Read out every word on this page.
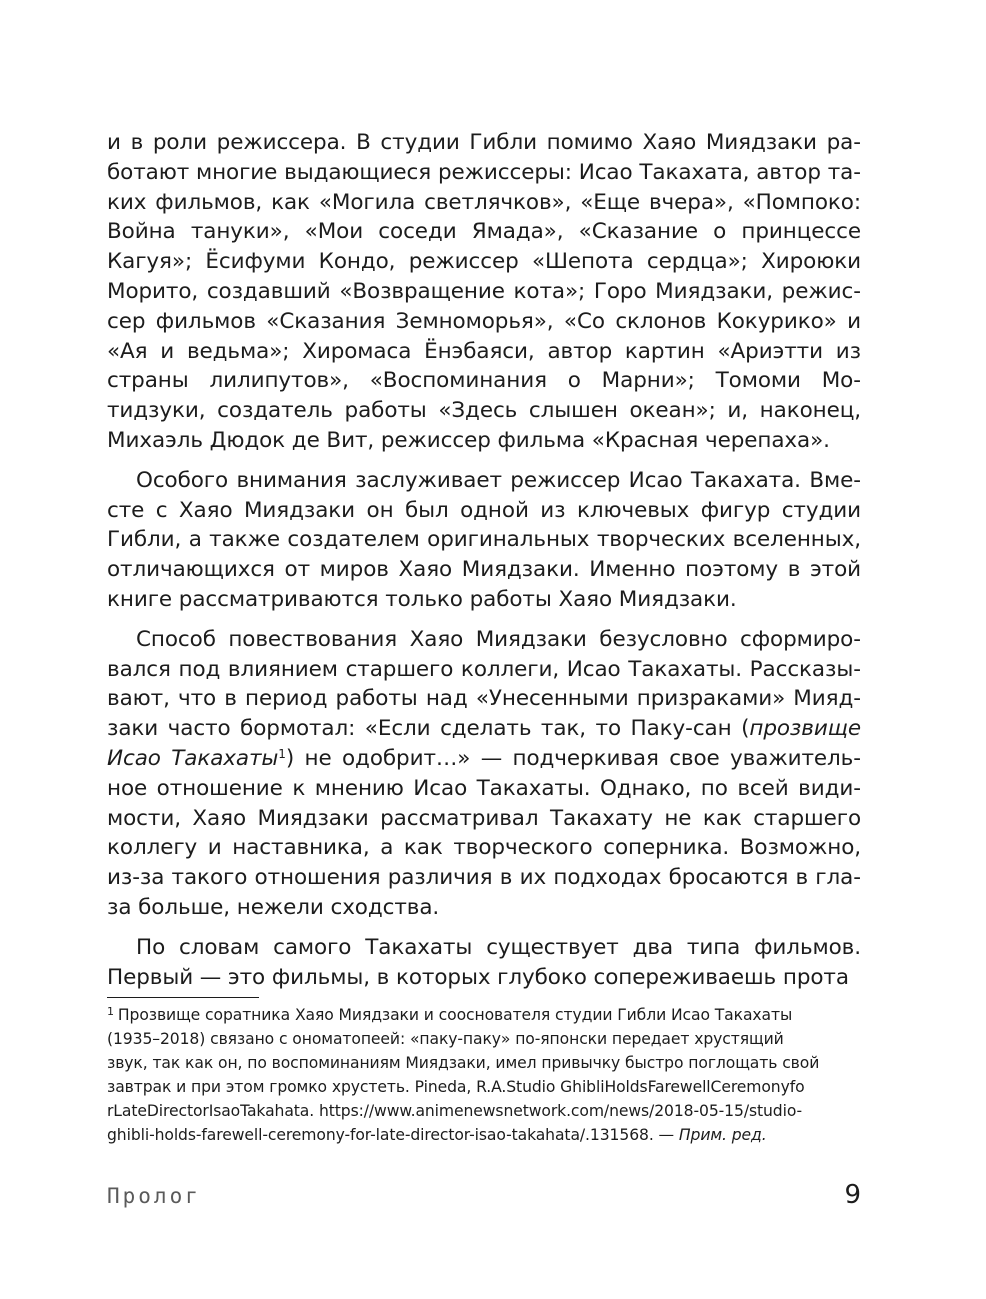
и в роли режиссера. В студии Гибли помимо Хаяо Миядзаки работают многие выдающиеся режиссеры: Исао Такахата, автор таких фильмов, как «Могила светлячков», «Еще вчера», «Помпоко: Война тануки», «Мои соседи Ямада», «Сказание о принцессе Кагуя»; Ёсифуми Кондо, режиссер «Шепота сердца»; Хироюки Морито, создавший «Возвращение кота»; Горо Миядзаки, режиссер фильмов «Сказания Земноморья», «Со склонов Кокурико» и «Ая и ведьма»; Хиромаса Ёнэбаяси, автор картин «Ариэтти из страны лилипутов», «Воспоминания о Марни»; Томоми Мотидзуки, создатель работы «Здесь слышен океан»; и, наконец, Михаэль Дюдок де Вит, режиссер фильма «Красная черепаха».

Особого внимания заслуживает режиссер Исао Такахата. Вместе с Хаяо Миядзаки он был одной из ключевых фигур студии Гибли, а также создателем оригинальных творческих вселенных, отличающихся от миров Хаяо Миядзаки. Именно поэтому в этой книге рассматриваются только работы Хаяо Миядзаки.

Способ повествования Хаяо Миядзаки безусловно сформировался под влиянием старшего коллеги, Исао Такахаты. Рассказывают, что в период работы над «Унесенными призраками» Миядзаки часто бормотал: «Если сделать так, то Паку-сан (прозвище Исао Такахаты$^1$) не одобрит…» — подчеркивая свое уважительное отношение к мнению Исао Такахаты. Однако, по всей видимости, Хаяо Миядзаки рассматривал Такахату не как старшего коллегу и наставника, а как творческого соперника. Возможно, из-за такого отношения различия в их подходах бросаются в глаза больше, нежели сходства.

По словам самого Такахаты существует два типа фильмов. Первый — это фильмы, в которых глубоко сопереживаешь прота

$^1$ Прозвище соратника Хаяо Миядзаки и сооснователя студии Гибли Исао Такахаты
(1935–2018) связано с ономатопеей: «паку-паку» по-японски передает хрустящий
звук, так как он, по воспоминаниям Миядзаки, имел привычку быстро поглощать свой
завтрак и при этом громко хрустеть. Pineda, R.A.Studio GhibliHoldsFarewellCeremonyfo
rLateDirectorIsaoTakahata. https://www.animenewsnetwork.com/news/2018-05-15/studio-
ghibli-holds-farewell-ceremony-for-late-director-isao-takahata/.131568. — Прим. ред.

Пролог	9
